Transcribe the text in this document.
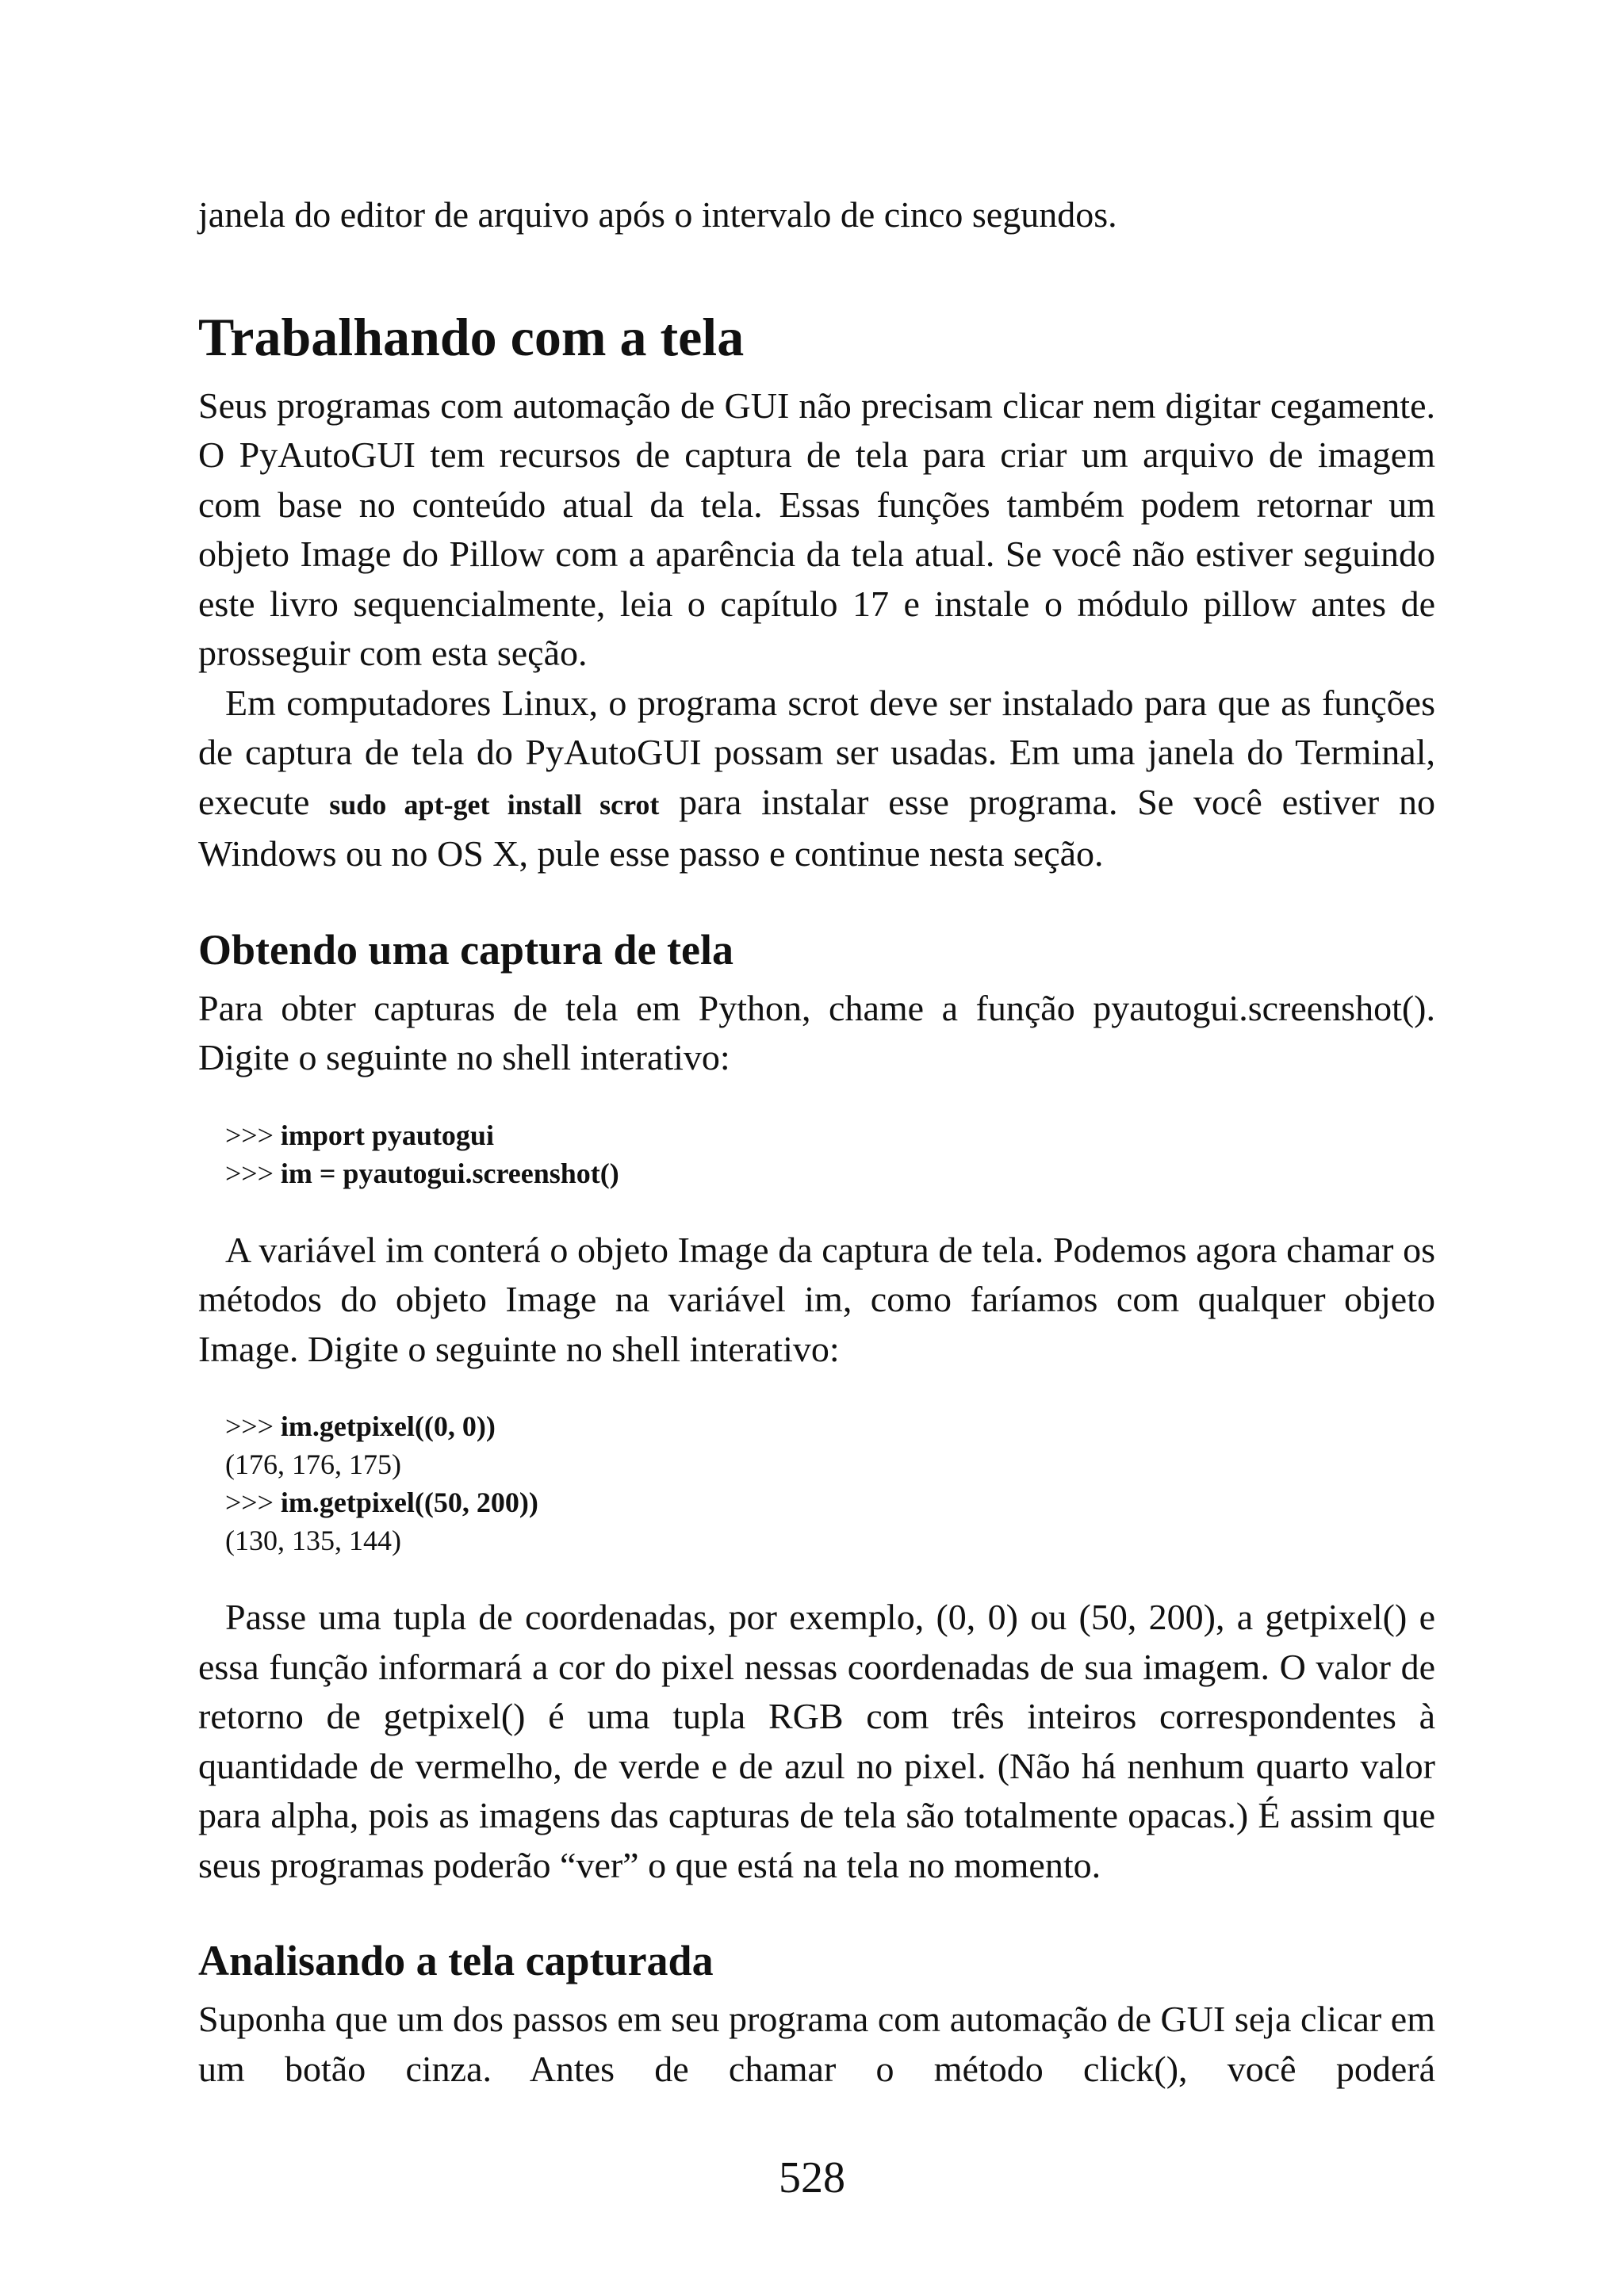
janela do editor de arquivo após o intervalo de cinco segundos.

Trabalhando com a tela

Seus programas com automação de GUI não precisam clicar nem digitar cegamente. O PyAutoGUI tem recursos de captura de tela para criar um arquivo de imagem com base no conteúdo atual da tela. Essas funções também podem retornar um objeto Image do Pillow com a aparência da tela atual. Se você não estiver seguindo este livro sequencialmente, leia o capítulo 17 e instale o módulo pillow antes de prosseguir com esta seção.

Em computadores Linux, o programa scrot deve ser instalado para que as funções de captura de tela do PyAutoGUI possam ser usadas. Em uma janela do Terminal, execute sudo apt-get install scrot para instalar esse programa. Se você estiver no Windows ou no OS X, pule esse passo e continue nesta seção.

Obtendo uma captura de tela

Para obter capturas de tela em Python, chame a função pyautogui.screenshot(). Digite o seguinte no shell interativo:

>>> import pyautogui
>>> im = pyautogui.screenshot()

A variável im conterá o objeto Image da captura de tela. Podemos agora chamar os métodos do objeto Image na variável im, como faríamos com qualquer objeto Image. Digite o seguinte no shell interativo:

>>> im.getpixel((0, 0))
(176, 176, 175)
>>> im.getpixel((50, 200))
(130, 135, 144)

Passe uma tupla de coordenadas, por exemplo, (0, 0) ou (50, 200), a getpixel() e essa função informará a cor do pixel nessas coordenadas de sua imagem. O valor de retorno de getpixel() é uma tupla RGB com três inteiros correspondentes à quantidade de vermelho, de verde e de azul no pixel. (Não há nenhum quarto valor para alpha, pois as imagens das capturas de tela são totalmente opacas.) É assim que seus programas poderão “ver” o que está na tela no momento.

Analisando a tela capturada

Suponha que um dos passos em seu programa com automação de GUI seja clicar em um botão cinza. Antes de chamar o método click(), você poderá

528
